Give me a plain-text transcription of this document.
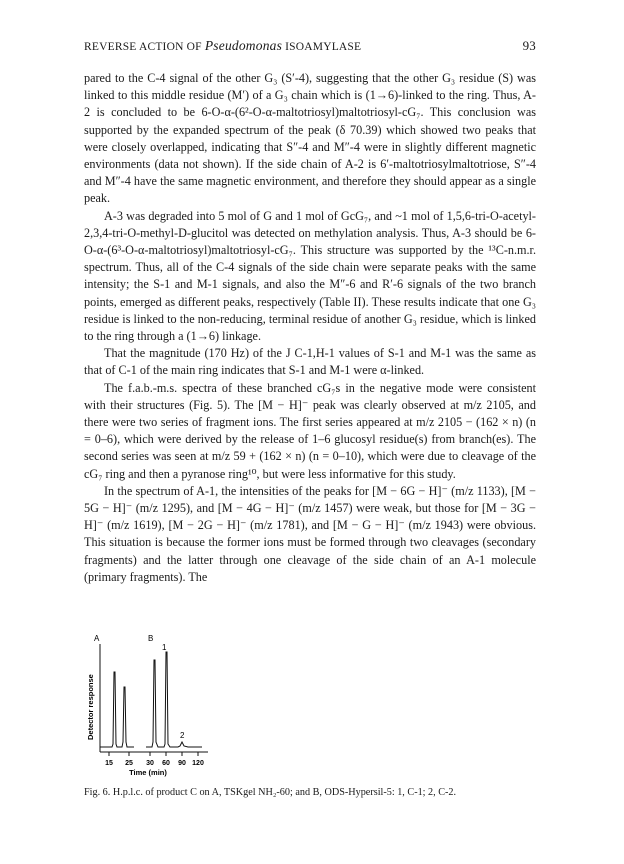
REVERSE ACTION OF Pseudomonas ISOAMYLASE	93

pared to the C-4 signal of the other G₃ (S′-4), suggesting that the other G₃ residue (S) was linked to this middle residue (M′) of a G₃ chain which is (1→6)-linked to the ring. Thus, A-2 is concluded to be 6-O-α-(6²-O-α-maltotriosyl)maltotriosyl-cG₇. This conclusion was supported by the expanded spectrum of the peak (δ 70.39) which showed two peaks that were closely overlapped, indicating that S″-4 and M″-4 were in slightly different magnetic environments (data not shown). If the side chain of A-2 is 6′-maltotriosylmaltotriose, S″-4 and M″-4 have the same magnetic environment, and therefore they should appear as a single peak.

A-3 was degraded into 5 mol of G and 1 mol of GcG₇, and ~1 mol of 1,5,6-tri-O-acetyl-2,3,4-tri-O-methyl-D-glucitol was detected on methylation analysis. Thus, A-3 should be 6-O-α-(6³-O-α-maltotriosyl)maltotriosyl-cG₇. This structure was supported by the ¹³C-n.m.r. spectrum. Thus, all of the C-4 signals of the side chain were separate peaks with the same intensity; the S-1 and M-1 signals, and also the M″-6 and R′-6 signals of the two branch points, emerged as different peaks, respectively (Table II). These results indicate that one G₃ residue is linked to the non-reducing, terminal residue of another G₃ residue, which is linked to the ring through a (1→6) linkage.

That the magnitude (170 Hz) of the J C-1,H-1 values of S-1 and M-1 was the same as that of C-1 of the main ring indicates that S-1 and M-1 were α-linked.

The f.a.b.-m.s. spectra of these branched cG₇s in the negative mode were consistent with their structures (Fig. 5). The [M − H]⁻ peak was clearly observed at m/z 2105, and there were two series of fragment ions. The first series appeared at m/z 2105 − (162 × n) (n = 0–6), which were derived by the release of 1–6 glucosyl residue(s) from branch(es). The second series was seen at m/z 59 + (162 × n) (n = 0–10), which were due to cleavage of the cG₇ ring and then a pyranose ring¹⁰, but were less informative for this study.

In the spectrum of A-1, the intensities of the peaks for [M − 6G − H]⁻ (m/z 1133), [M − 5G − H]⁻ (m/z 1295), and [M − 4G − H]⁻ (m/z 1457) were weak, but those for [M − 3G − H]⁻ (m/z 1619), [M − 2G − H]⁻ (m/z 1781), and [M − G − H]⁻ (m/z 1943) were obvious. This situation is because the former ions must be formed through two cleavages (secondary fragments) and the latter through one cleavage of the side chain of an A-1 molecule (primary fragments). The

A	B
Detector response
1
2
15 25 30 60 90 120
Time (min)
Fig. 6. H.p.l.c. of product C on A, TSKgel NH₂-60; and B, ODS-Hypersil-5: 1, C-1; 2, C-2.
